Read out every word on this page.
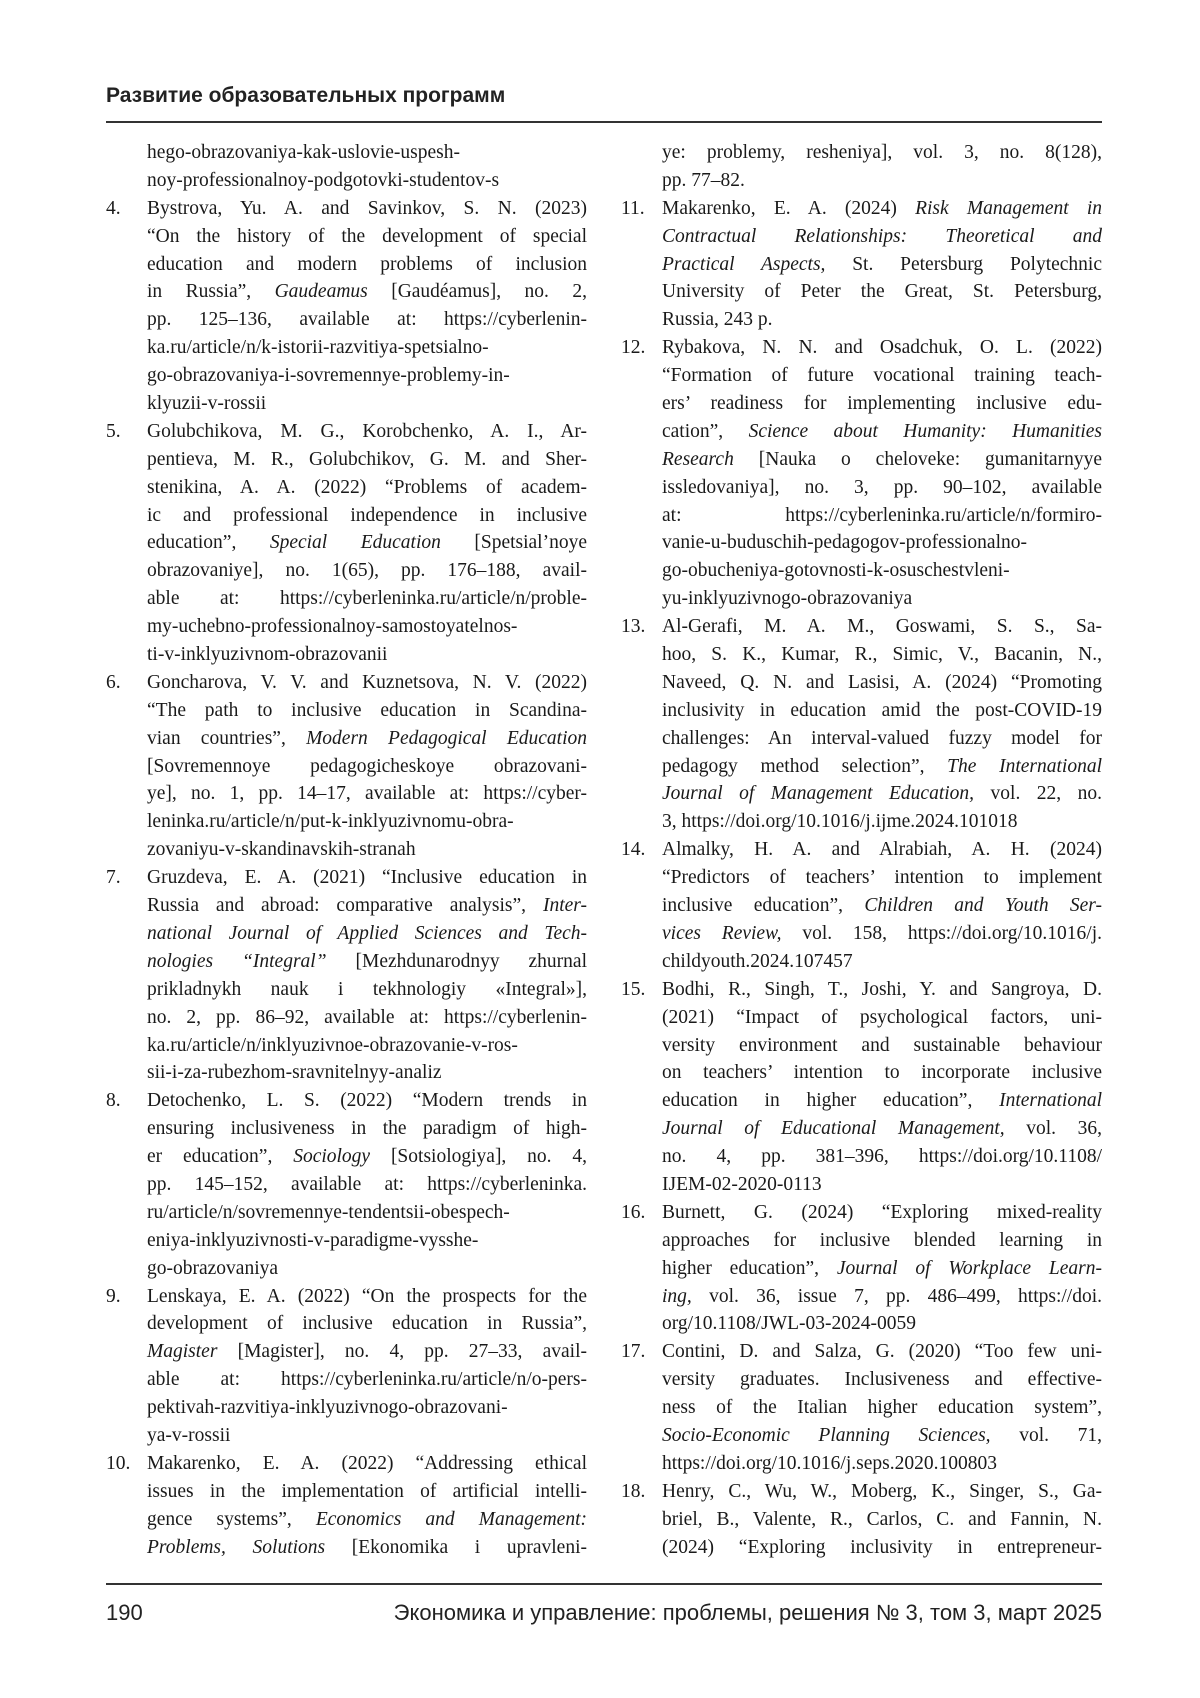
Развитие образовательных программ
hego-obrazovaniya-kak-uslovie-uspesh-
noy-professionalnoy-podgotovki-studentov-s
4. Bystrova, Yu. A. and Savinkov, S. N. (2023)
“On the history of the development of special
education and modern problems of inclusion
in Russia”, Gaudeamus [Gaudéamus], no. 2,
pp. 125–136, available at: https://cyberlenin-
ka.ru/article/n/k-istorii-razvitiya-spetsialno-
go-obrazovaniya-i-sovremennye-problemy-in-
klyuzii-v-rossii
5. Golubchikova, M. G., Korobchenko, A. I., Ar-
pentieva, M. R., Golubchikov, G. M. and Sher-
stenikina, A. A. (2022) “Problems of academ-
ic and professional independence in inclusive
education”, Special Education [Spetsial’noye
obrazovaniye], no. 1(65), pp. 176–188, avail-
able at: https://cyberleninka.ru/article/n/proble-
my-uchebno-professionalnoy-samostoyatelnos-
ti-v-inklyuzivnom-obrazovanii
6. Goncharova, V. V. and Kuznetsova, N. V. (2022)
“The path to inclusive education in Scandina-
vian countries”, Modern Pedagogical Education
[Sovremennoye pedagogicheskoye obrazovani-
ye], no. 1, pp. 14–17, available at: https://cyber-
leninka.ru/article/n/put-k-inklyuzivnomu-obra-
zovaniyu-v-skandinavskih-stranah
7. Gruzdeva, E. A. (2021) “Inclusive education in
Russia and abroad: comparative analysis”, Inter-
national Journal of Applied Sciences and Tech-
nologies “Integral” [Mezhdunarodnyy zhurnal
prikladnykh nauk i tekhnologiy «Integral»],
no. 2, pp. 86–92, available at: https://cyberlenin-
ka.ru/article/n/inklyuzivnoe-obrazovanie-v-ros-
sii-i-za-rubezhom-sravnitelnyy-analiz
8. Detochenko, L. S. (2022) “Modern trends in
ensuring inclusiveness in the paradigm of high-
er education”, Sociology [Sotsiologiya], no. 4,
pp. 145–152, available at: https://cyberleninka.
ru/article/n/sovremennye-tendentsii-obespech-
eniya-inklyuzivnosti-v-paradigme-vysshe-
go-obrazovaniya
9. Lenskaya, E. A. (2022) “On the prospects for the
development of inclusive education in Russia”,
Magister [Magister], no. 4, pp. 27–33, avail-
able at: https://cyberleninka.ru/article/n/o-pers-
pektivah-razvitiya-inklyuzivnogo-obrazovani-
ya-v-rossii
10. Makarenko, E. A. (2022) “Addressing ethical
issues in the implementation of artificial intelli-
gence systems”, Economics and Management:
Problems, Solutions [Ekonomika i upravleni-
ye: problemy, resheniya], vol. 3, no. 8(128),
pp. 77–82.
11. Makarenko, E. A. (2024) Risk Management in
Contractual Relationships: Theoretical and
Practical Aspects, St. Petersburg Polytechnic
University of Peter the Great, St. Petersburg,
Russia, 243 p.
12. Rybakova, N. N. and Osadchuk, O. L. (2022)
“Formation of future vocational training teach-
ers’ readiness for implementing inclusive edu-
cation”, Science about Humanity: Humanities
Research [Nauka o cheloveke: gumanitarnyye
issledovaniya], no. 3, pp. 90–102, available
at: https://cyberleninka.ru/article/n/formiro-
vanie-u-buduschih-pedagogov-professionalno-
go-obucheniya-gotovnosti-k-osuschestvleni-
yu-inklyuzivnogo-obrazovaniya
13. Al-Gerafi, M. A. M., Goswami, S. S., Sa-
hoo, S. K., Kumar, R., Simic, V., Bacanin, N.,
Naveed, Q. N. and Lasisi, A. (2024) “Promoting
inclusivity in education amid the post-COVID-19
challenges: An interval-valued fuzzy model for
pedagogy method selection”, The International
Journal of Management Education, vol. 22, no.
3, https://doi.org/10.1016/j.ijme.2024.101018
14. Almalky, H. A. and Alrabiah, A. H. (2024)
“Predictors of teachers’ intention to implement
inclusive education”, Children and Youth Ser-
vices Review, vol. 158, https://doi.org/10.1016/j.
childyouth.2024.107457
15. Bodhi, R., Singh, T., Joshi, Y. and Sangroya, D.
(2021) “Impact of psychological factors, uni-
versity environment and sustainable behaviour
on teachers’ intention to incorporate inclusive
education in higher education”, International
Journal of Educational Management, vol. 36,
no. 4, pp. 381–396, https://doi.org/10.1108/
IJEM-02-2020-0113
16. Burnett, G. (2024) “Exploring mixed-reality
approaches for inclusive blended learning in
higher education”, Journal of Workplace Learn-
ing, vol. 36, issue 7, pp. 486–499, https://doi.
org/10.1108/JWL-03-2024-0059
17. Contini, D. and Salza, G. (2020) “Too few uni-
versity graduates. Inclusiveness and effective-
ness of the Italian higher education system”,
Socio-Economic Planning Sciences, vol. 71,
https://doi.org/10.1016/j.seps.2020.100803
18. Henry, C., Wu, W., Moberg, K., Singer, S., Ga-
briel, B., Valente, R., Carlos, C. and Fannin, N.
(2024) “Exploring inclusivity in entrepreneur-
190	Экономика и управление: проблемы, решения № 3, том 3, март 2025
